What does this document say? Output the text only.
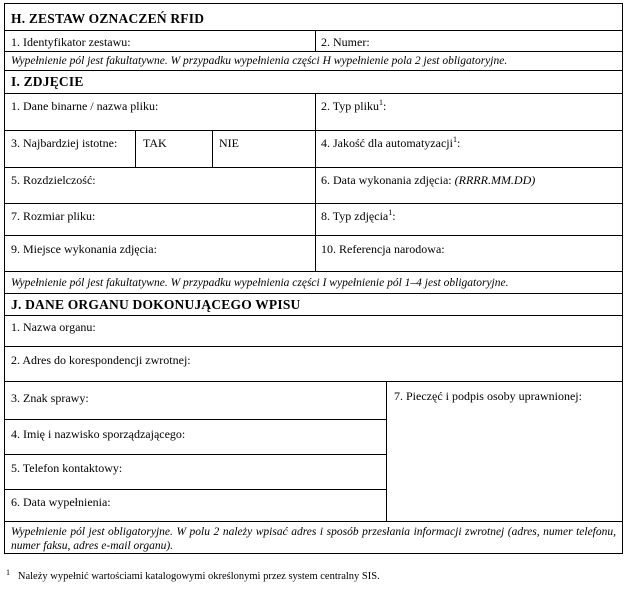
H. ZESTAW OZNACZEŃ RFID
1. Identyfikator zestawu:	2. Numer:
Wypełnienie pól jest fakultatywne. W przypadku wypełnienia części H wypełnienie pola 2 jest obligatoryjne.
I. ZDJĘCIE
1. Dane binarne / nazwa pliku:	2. Typ pliku$^1$:
3. Najbardziej istotne: TAK	NIE	4. Jakość dla automatyzacji$^1$:
5. Rozdzielczość:	6. Data wykonania zdjęcia: (RRRR.MM.DD)
7. Rozmiar pliku:	8. Typ zdjęcia$^1$:
9. Miejsce wykonania zdjęcia:	10. Referencja narodowa:
Wypełnienie pól jest fakultatywne. W przypadku wypełnienia części I wypełnienie pól 1–4 jest obligatoryjne.
J. DANE ORGANU DOKONUJĄCEGO WPISU
1. Nazwa organu:
2. Adres do korespondencji zwrotnej:
3. Znak sprawy:
4. Imię i nazwisko sporządzającego:
5. Telefon kontaktowy:
6. Data wypełnienia:
7. Pieczęć i podpis osoby uprawnionej:
Wypełnienie pól jest obligatoryjne. W polu 2 należy wpisać adres i sposób przesłania informacji zwrotnej (adres, numer telefonu, numer faksu, adres e-mail organu).
$^1$ Należy wypełnić wartościami katalogowymi określonymi przez system centralny SIS.
